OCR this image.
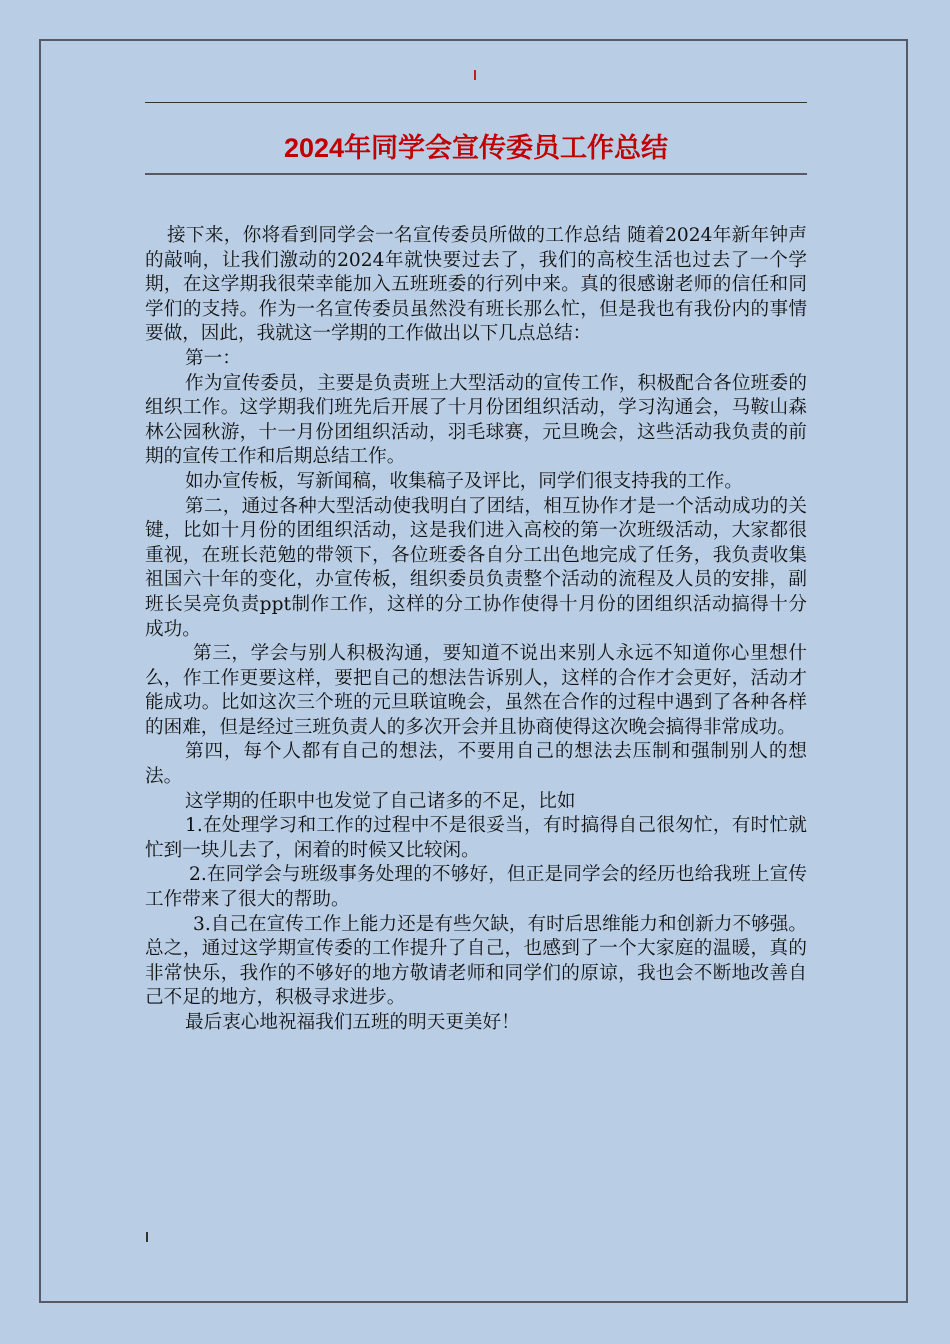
2024年同学会宣传委员工作总结

接下来，你将看到同学会一名宣传委员所做的工作总结 随着2024年新年钟声的敲响，让我们激动的2024年就快要过去了，我们的高校生活也过去了一个学期，在这学期我很荣幸能加入五班班委的行列中来。真的很感谢老师的信任和同学们的支持。作为一名宣传委员虽然没有班长那么忙，但是我也有我份内的事情要做，因此，我就这一学期的工作做出以下几点总结：

第一：

作为宣传委员，主要是负责班上大型活动的宣传工作，积极配合各位班委的组织工作。这学期我们班先后开展了十月份团组织活动，学习沟通会，马鞍山森林公园秋游，十一月份团组织活动，羽毛球赛，元旦晚会，这些活动我负责的前期的宣传工作和后期总结工作。

如办宣传板，写新闻稿，收集稿子及评比，同学们很支持我的工作。

第二，通过各种大型活动使我明白了团结，相互协作才是一个活动成功的关键，比如十月份的团组织活动，这是我们进入高校的第一次班级活动，大家都很重视，在班长范勉的带领下，各位班委各自分工出色地完成了任务，我负责收集 祖国六十年的变化，办宣传板，组织委员负责整个活动的流程及人员的安排，副班长吴亮负责ppt制作工作，这样的分工协作使得十月份的团组织活动搞得十分成功。

第三，学会与别人积极沟通，要知道不说出来别人永远不知道你心里想什么，作工作更要这样，要把自己的想法告诉别人，这样的合作才会更好，活动才能成功。比如这次三个班的元旦联谊晚会，虽然在合作的过程中遇到了各种各样的困难，但是经过三班负责人的多次开会并且协商使得这次晚会搞得非常成功。

第四，每个人都有自己的想法，不要用自己的想法去压制和强制别人的想法。

这学期的任职中也发觉了自己诸多的不足，比如

1.在处理学习和工作的过程中不是很妥当，有时搞得自己很匆忙，有时忙就忙到一块儿去了，闲着的时候又比较闲。

2.在同学会与班级事务处理的不够好，但正是同学会的经历也给我班上宣传工作带来了很大的帮助。

3.自己在宣传工作上能力还是有些欠缺，有时后思维能力和创新力不够强。总之，通过这学期宣传委的工作提升了自己，也感到了一个大家庭的温暖，真的非常快乐，我作的不够好的地方敬请老师和同学们的原谅，我也会不断地改善自己不足的地方，积极寻求进步。

最后衷心地祝福我们五班的明天更美好！
